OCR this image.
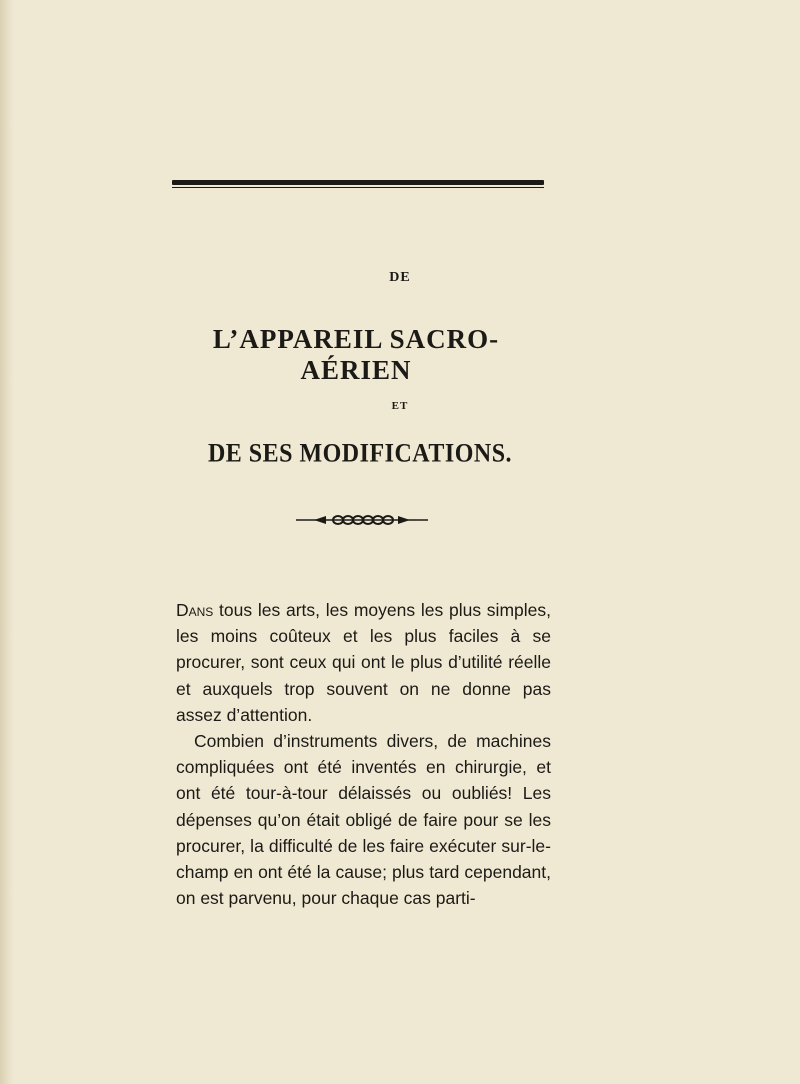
DE
L’APPAREIL SACRO-AÉRIEN
ET
DE SES MODIFICATIONS.

Dans tous les arts, les moyens les plus simples, les moins coûteux et les plus faciles à se procurer, sont ceux qui ont le plus d’utilité réelle et auxquels trop souvent on ne donne pas assez d’attention.

Combien d’instruments divers, de machines compliquées ont été inventés en chirurgie, et ont été tour-à-tour délaissés ou oubliés! Les dépenses qu’on était obligé de faire pour se les procurer, la difficulté de les faire exécuter sur-le-champ en ont été la cause; plus tard cependant, on est parvenu, pour chaque cas parti-
